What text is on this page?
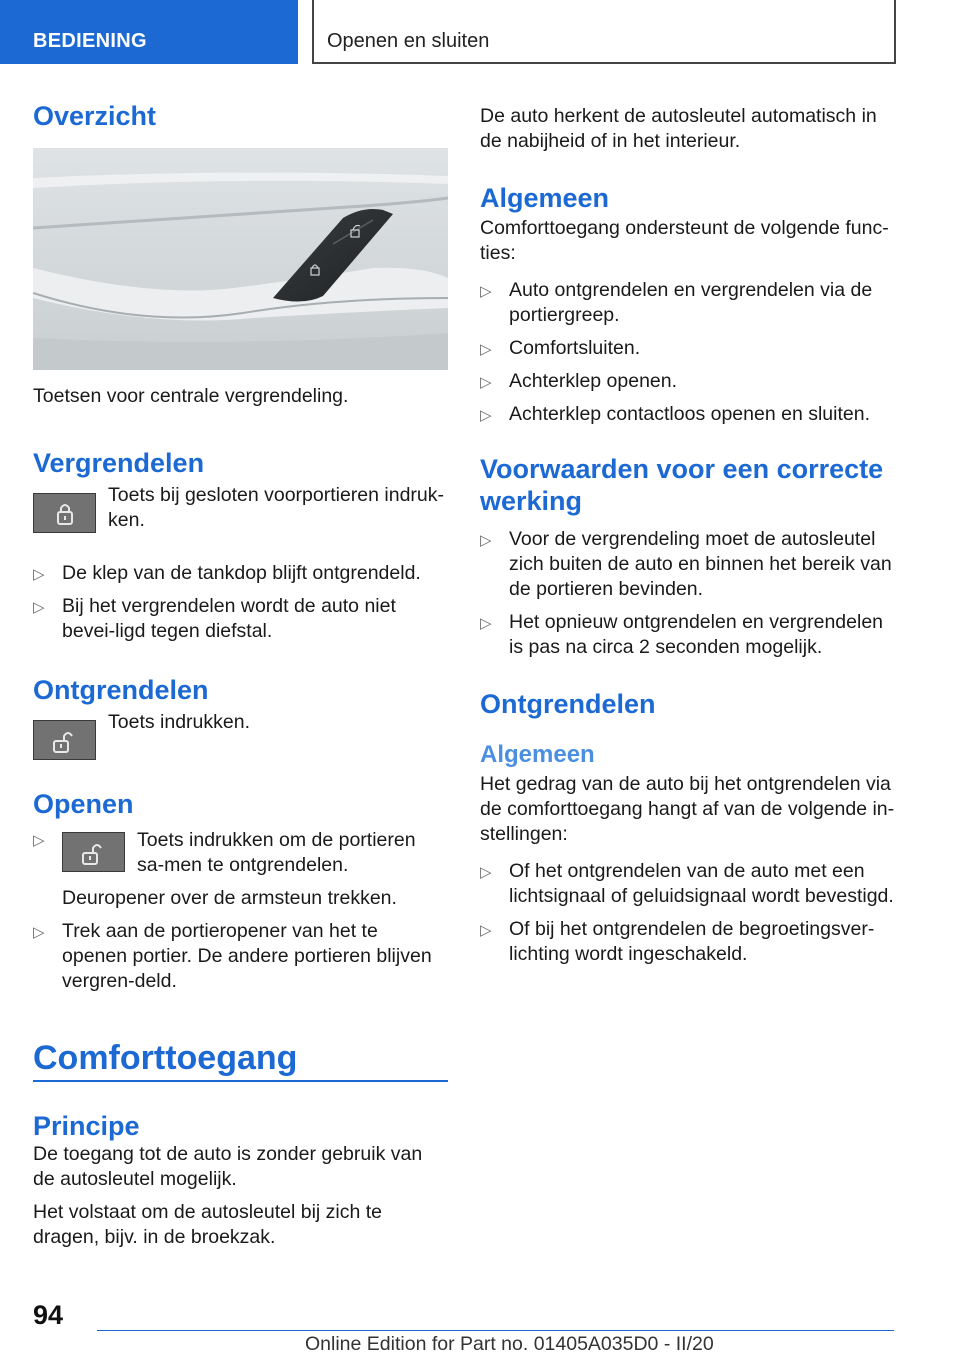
BEDIENING	Openen en sluiten
Overzicht
Toetsen voor centrale vergrendeling.
Vergrendelen
Toets bij gesloten voorportieren indruk-ken.
▷ De klep van de tankdop blijft ontgrendeld.
▷ Bij het vergrendelen wordt de auto niet bevei-ligd tegen diefstal.
Ontgrendelen
Toets indrukken.
Openen
▷	Toets indrukken om de portieren sa-men te ontgrendelen.
Deuropener over de armsteun trekken.
▷ Trek aan de portieropener van het te openen portier. De andere portieren blijven vergren-deld.
Comforttoegang
Principe
De toegang tot de auto is zonder gebruik van de autosleutel mogelijk.
Het volstaat om de autosleutel bij zich te dragen, bijv. in de broekzak.
De auto herkent de autosleutel automatisch in de nabijheid of in het interieur.
Algemeen
Comforttoegang ondersteunt de volgende func-ties:
▷ Auto ontgrendelen en vergrendelen via de portiergreep.
▷ Comfortsluiten.
▷ Achterklep openen.
▷ Achterklep contactloos openen en sluiten.
Voorwaarden voor een correcte werking
▷ Voor de vergrendeling moet de autosleutel zich buiten de auto en binnen het bereik van de portieren bevinden.
▷ Het opnieuw ontgrendelen en vergrendelen is pas na circa 2 seconden mogelijk.
Ontgrendelen
Algemeen
Het gedrag van de auto bij het ontgrendelen via de comforttoegang hangt af van de volgende in-stellingen:
▷ Of het ontgrendelen van de auto met een lichtsignaal of geluidsignaal wordt bevestigd.
▷ Of bij het ontgrendelen de begroetingsver-lichting wordt ingeschakeld.
94
Online Edition for Part no. 01405A035D0 - II/20
